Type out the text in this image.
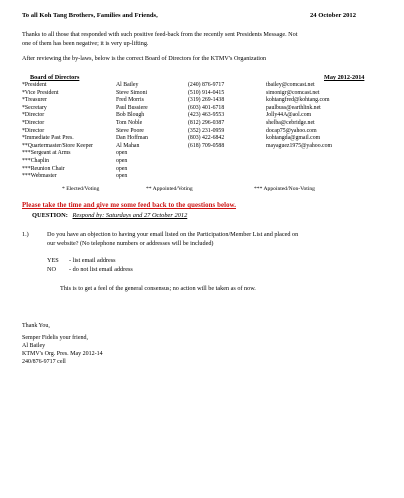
To all Koh Tang Brothers, Families and Friends,	24 October 2012
Thanks to all those that responded with such positive feed-back from the recently sent Presidents Message. Not
one of them has been negative; it is very up-lifting.
After reviewing the by-laws, below is the correct Board of Directors for the KTMV's Organization
Board of Directors	May 2012-2014
*President	Al Bailey	(240) 876-9717	tbailey@comcast.net
*Vice President	Steve Simoni	(510) 914-0415	simonigr@comcast.net
*Treasurer	Fred Morris	(319) 269-1438	kohtangfred@kohtang.com
*Secretary	Paul Bussiere	(603) 401-6718	paulbuss@earthlink.net
*Director	Bob Blough	(423) 463-9553	Jolly44A@aol.com
*Director	Tom Noble	(812) 296-0387	shelba@cebridge.net
*Director	Steve Poore	(352) 231-0959	docap75@yahoo.com
*Immediate Past Pres.	Dan Hoffman	(803) 422-6842	kohtangda@gmail.com
**Quartermaster/Store Keeper	Al Mahan	(618) 709-0588	mayaguez1975@yahoo.com
***Sergeant at Arms	open		
***Chaplin	open		
***Reunion Chair	open		
***Webmaster	open		
* Elected/Voting	** Appointed/Voting	*** Appointed/Non-Voting
Please take the time and give me some feed back to the questions below.
QUESTION: Respond by: Saturdays and 27 October 2012
1.)	Do you have an objection to having your email listed on the Participation/Member List and placed on
our website? (No telephone numbers or addresses will be included)
YES - list email address
NO - do not list email address
This is to get a feel of the general consensus; no action will be taken as of now.
Thank You,
Semper Fidelis your friend,
Al Bailey
KTMV's Org. Pres. May 2012-14
240/876-9717 cell
